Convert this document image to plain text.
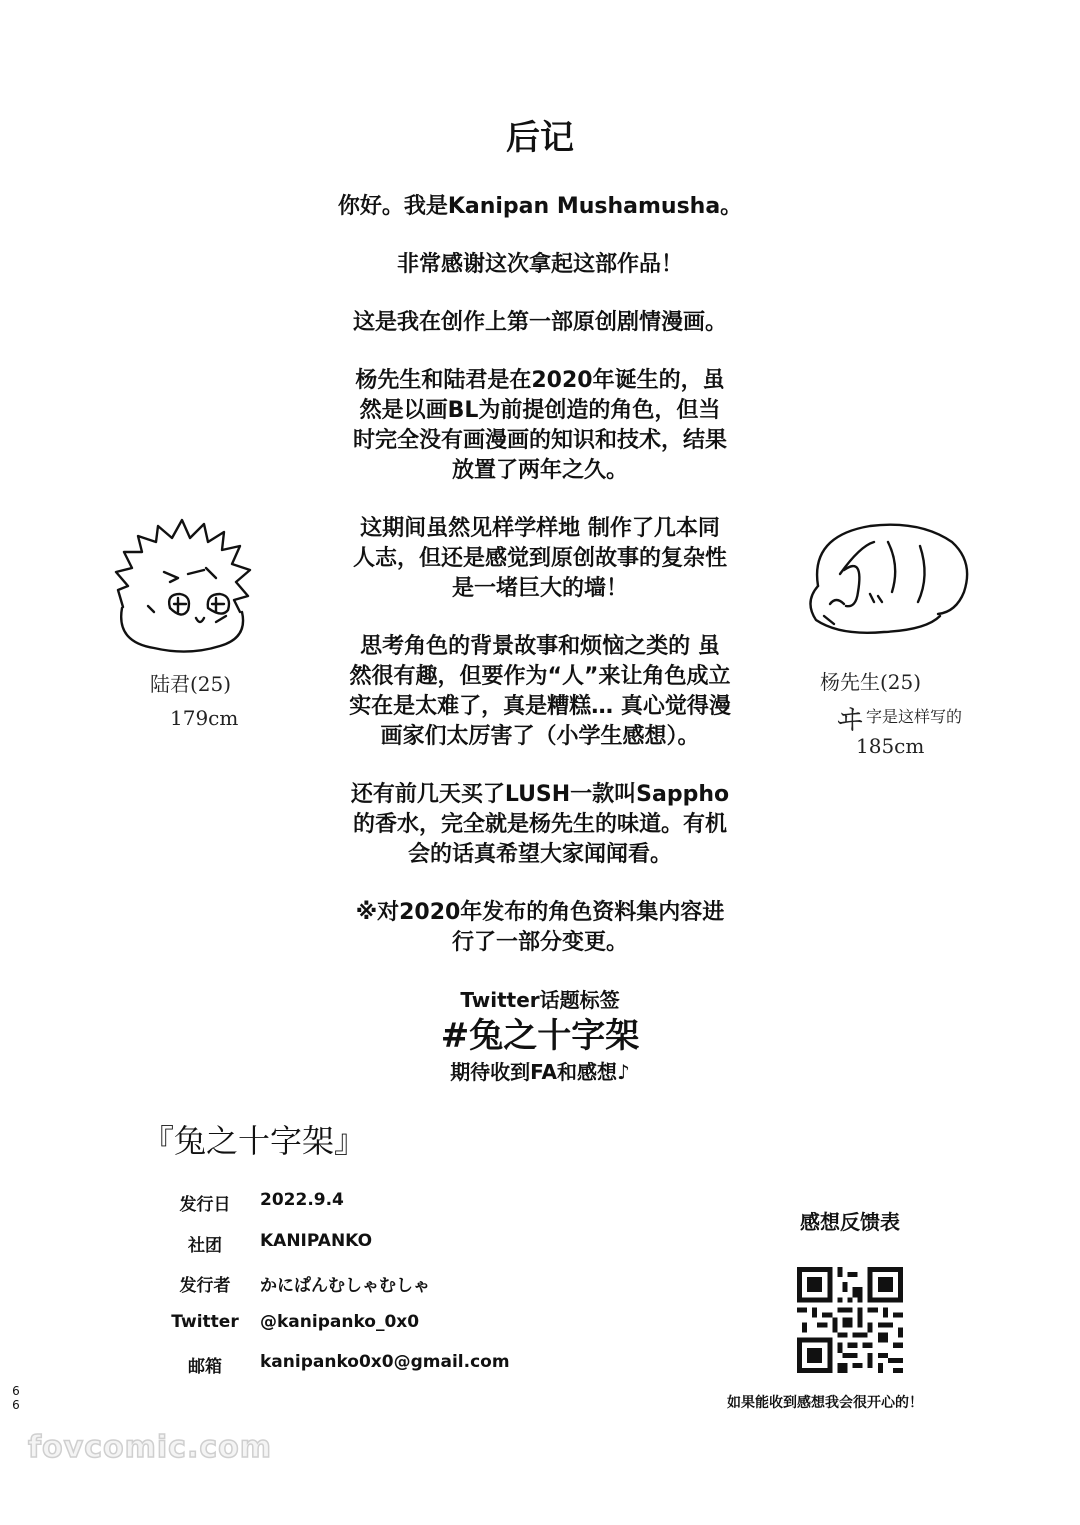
后记

你好。我是Kanipan Mushamusha。

非常感谢这次拿起这部作品！

这是我在创作上第一部原创剧情漫画。

杨先生和陆君是在2020年诞生的，虽
然是以画BL为前提创造的角色，但当
时完全没有画漫画的知识和技术，结果
放置了两年之久。

这期间虽然见样学样地 制作了几本同
人志，但还是感觉到原创故事的复杂性
是一堵巨大的墙！

思考角色的背景故事和烦恼之类的 虽
然很有趣，但要作为“人”来让角色成立
实在是太难了，真是糟糕… 真心觉得漫
画家们太厉害了（小学生感想）。

还有前几天买了LUSH一款叫Sappho
的香水，完全就是杨先生的味道。有机
会的话真希望大家闻闻看。

※对2020年发布的角色资料集内容进
行了一部分变更。

陆君(25)
179cm
杨先生(25)
ヰ 字是这样写的
185cm
Twitter话题标签
#兔之十字架
期待收到FA和感想♪
『兔之十字架』
发行日	2022.9.4
社团	KANIPANKO
发行者	かにぱんむしゃむしゃ
Twitter	@kanipanko_0x0
邮箱	kanipanko0x0@gmail.com
感想反馈表
如果能收到感想我会很开心的！
6
6
fovcomic.com
